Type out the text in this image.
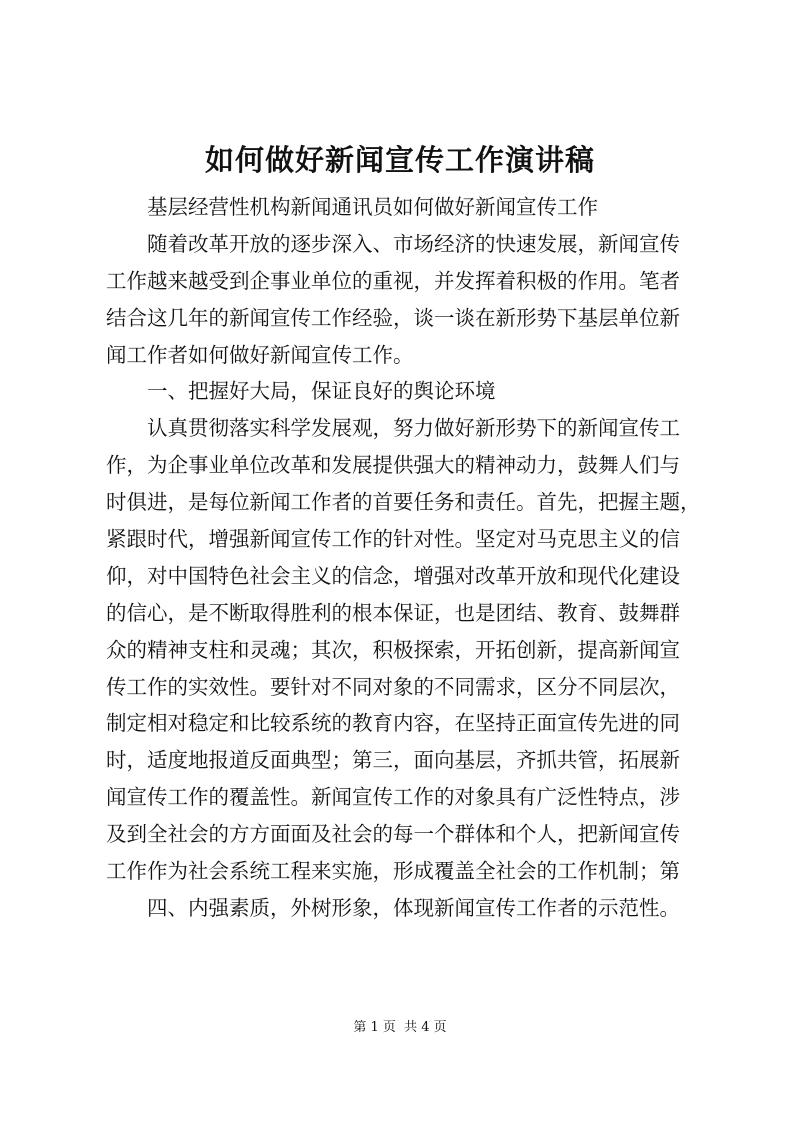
如何做好新闻宣传工作演讲稿
基层经营性机构新闻通讯员如何做好新闻宣传工作
随着改革开放的逐步深入、市场经济的快速发展，新闻宣传
工作越来越受到企事业单位的重视，并发挥着积极的作用。笔者
结合这几年的新闻宣传工作经验，谈一谈在新形势下基层单位新
闻工作者如何做好新闻宣传工作。
一、把握好大局，保证良好的舆论环境
认真贯彻落实科学发展观，努力做好新形势下的新闻宣传工
作，为企事业单位改革和发展提供强大的精神动力，鼓舞人们与
时俱进，是每位新闻工作者的首要任务和责任。首先，把握主题，
紧跟时代，增强新闻宣传工作的针对性。坚定对马克思主义的信
仰，对中国特色社会主义的信念，增强对改革开放和现代化建设
的信心，是不断取得胜利的根本保证，也是团结、教育、鼓舞群
众的精神支柱和灵魂；其次，积极探索，开拓创新，提高新闻宣
传工作的实效性。要针对不同对象的不同需求，区分不同层次，
制定相对稳定和比较系统的教育内容，在坚持正面宣传先进的同
时，适度地报道反面典型；第三，面向基层，齐抓共管，拓展新
闻宣传工作的覆盖性。新闻宣传工作的对象具有广泛性特点，涉
及到全社会的方方面面及社会的每一个群体和个人，把新闻宣传
工作作为社会系统工程来实施，形成覆盖全社会的工作机制；第
四、内强素质，外树形象，体现新闻宣传工作者的示范性。
第 1 页 共 4 页
